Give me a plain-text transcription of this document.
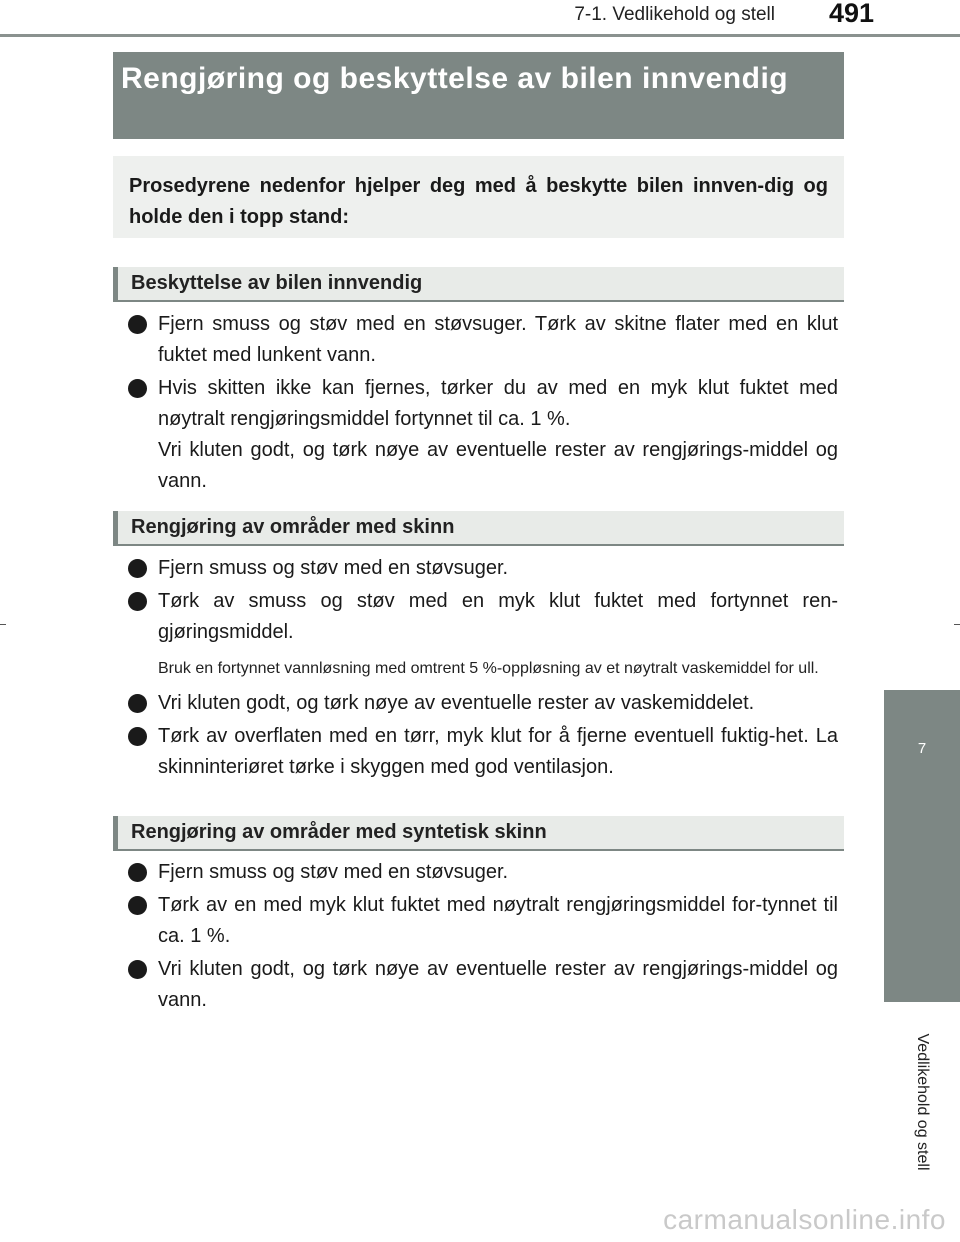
7-1. Vedlikehold og stell 491
7
Vedlikehold og stell
Rengjøring og beskyttelse av bilen innvendig

Prosedyrene nedenfor hjelper deg med å beskytte bilen innven-dig og holde den i topp stand:

Beskyttelse av bilen innvendig
Fjern smuss og støv med en støvsuger. Tørk av skitne flater med en klut fuktet med lunkent vann.
Hvis skitten ikke kan fjernes, tørker du av med en myk klut fuktet med nøytralt rengjøringsmiddel fortynnet til ca. 1 %.
Vri kluten godt, og tørk nøye av eventuelle rester av rengjørings-middel og vann.
Rengjøring av områder med skinn
Fjern smuss og støv med en støvsuger.
Tørk av smuss og støv med en myk klut fuktet med fortynnet ren-gjøringsmiddel.
Bruk en fortynnet vannløsning med omtrent 5 %-oppløsning av et nøytralt vaskemiddel for ull.
Vri kluten godt, og tørk nøye av eventuelle rester av vaskemiddelet.
Tørk av overflaten med en tørr, myk klut for å fjerne eventuell fuktig-het. La skinninteriøret tørke i skyggen med god ventilasjon.
Rengjøring av områder med syntetisk skinn
Fjern smuss og støv med en støvsuger.
Tørk av en med myk klut fuktet med nøytralt rengjøringsmiddel for-tynnet til ca. 1 %.
Vri kluten godt, og tørk nøye av eventuelle rester av rengjørings-middel og vann.
carmanualsonline.info
